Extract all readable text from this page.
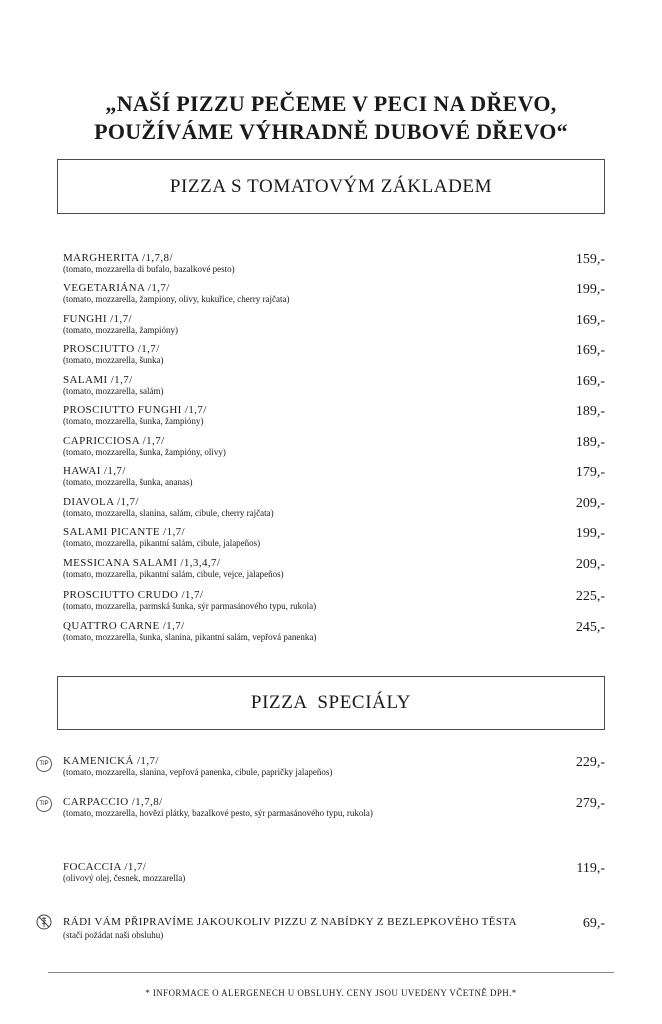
„NAŠÍ PIZZU PEČEME V PECI NA DŘEVO,
POUŽÍVÁME VÝHRADNĚ DUBOVÉ DŘEVO“
PIZZA S TOMATOVÝM ZÁKLADEM
MARGHERITA /1,7,8/
(tomato, mozzarella di bufalo, bazalkové pesto)
159,-
VEGETARIÁNA /1,7/
(tomato, mozzarella, žampiony, olivy, kukuřice, cherry rajčata)
199,-
FUNGHI /1,7/
(tomato, mozzarella, žampióny)
169,-
PROSCIUTTO /1,7/
(tomato, mozzarella, šunka)
169,-
SALAMI /1,7/
(tomato, mozzarella, salám)
169,-
PROSCIUTTO FUNGHI /1,7/
(tomato, mozzarella, šunka, žampióny)
189,-
CAPRICCIOSA /1,7/
(tomato, mozzarella, šunka, žampióny, olivy)
189,-
HAWAI /1,7/
(tomato, mozzarella, šunka, ananas)
179,-
DIAVOLA /1,7/
(tomato, mozzarella, slanina, salám, cibule, cherry rajčata)
209,-
SALAMI PICANTE /1,7/
(tomato, mozzarella, pikantní salám, cibule, jalapeños)
199,-
MESSICANA SALAMI /1,3,4,7/
(tomato, mozzarella, pikantní salám, cibule, vejce, jalapeños)
209,-
PROSCIUTTO CRUDO /1,7/
(tomato, mozzarella, parmská šunka, sýr parmasánového typu, rukola)
225,-
QUATTRO CARNE /1,7/
(tomato, mozzarella, šunka, slanina, pikantní salám, vepřová panenka)
245,-
PIZZA  SPECIÁLY
TIP	KAMENICKÁ /1,7/
(tomato, mozzarella, slanina, vepřová panenka, cibule, papričky jalapeños)
229,-
TIP	CARPACCIO /1,7,8/
(tomato, mozzarella, hovězí plátky, bazalkové pesto, sýr parmasánového typu, rukola)
279,-
FOCACCIA /1,7/
(olivový olej, česnek, mozzarella)
119,-
RÁDI VÁM PŘIPRAVÍME JAKOUKOLIV PIZZU Z NABÍDKY Z BEZLEPKOVÉHO TĚSTA
(stačí požádat naši obsluhu)
69,-
* INFORMACE O ALERGENECH U OBSLUHY. CENY JSOU UVEDENY VČETNĚ DPH.*
